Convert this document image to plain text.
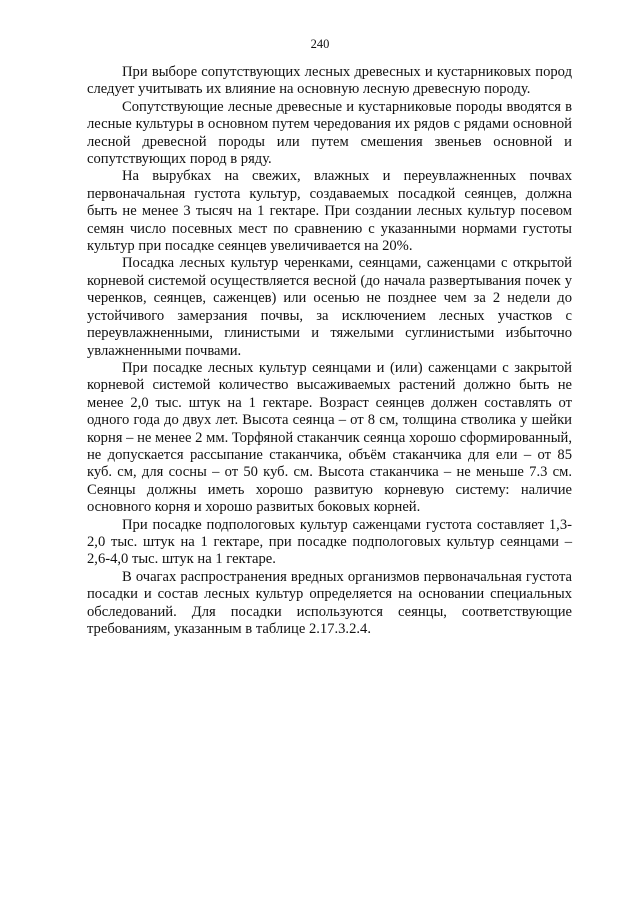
240

При выборе сопутствующих лесных древесных и кустарниковых пород следует учитывать их влияние на основную лесную древесную породу.

Сопутствующие лесные древесные и кустарниковые породы вводятся в лесные культуры в основном путем чередования их рядов с рядами основной лесной древесной породы или путем смешения звеньев основной и сопутствующих пород в ряду.

На вырубках на свежих, влажных и переувлажненных почвах первоначальная густота культур, создаваемых посадкой сеянцев, должна быть не менее 3 тысяч на 1 гектаре. При создании лесных культур посевом семян число посевных мест по сравнению с указанными нормами густоты культур при посадке сеянцев увеличивается на 20%.

Посадка лесных культур черенками, сеянцами, саженцами с открытой корневой системой осуществляется весной (до начала развертывания почек у черенков, сеянцев, саженцев) или осенью не позднее чем за 2 недели до устойчивого замерзания почвы, за исключением лесных участков с переувлажненными, глинистыми и тяжелыми суглинистыми избыточно увлажненными почвами.

При посадке лесных культур сеянцами и (или) саженцами с закрытой корневой системой количество высаживаемых растений должно быть не менее 2,0 тыс. штук на 1 гектаре. Возраст сеянцев должен составлять от одного года до двух лет. Высота сеянца – от 8 см, толщина стволика у шейки корня – не менее 2 мм. Торфяной стаканчик сеянца хорошо сформированный, не допускается рассыпание стаканчика, объём стаканчика для ели – от 85 куб. см, для сосны – от 50 куб. см. Высота стаканчика – не меньше 7.3 см. Сеянцы должны иметь хорошо развитую корневую систему: наличие основного корня и хорошо развитых боковых корней.

При посадке подпологовых культур саженцами густота составляет 1,3-2,0 тыс. штук на 1 гектаре, при посадке подпологовых культур сеянцами – 2,6-4,0 тыс. штук на 1 гектаре.

В очагах распространения вредных организмов первоначальная густота посадки и состав лесных культур определяется на основании специальных обследований. Для посадки используются сеянцы, соответствующие требованиям, указанным в таблице 2.17.3.2.4.
